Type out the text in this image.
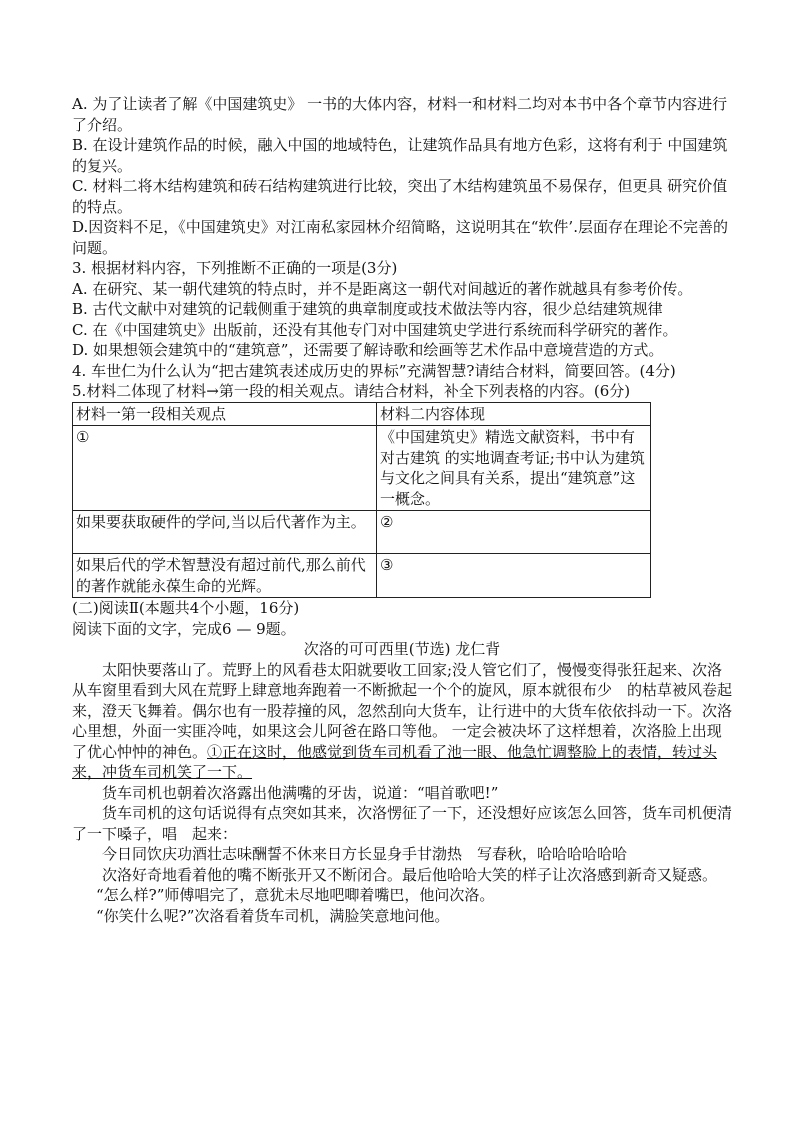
A. 为了让读者了解《中国建筑史》 一书的大体内容，材料一和材料二均对本书中各个章节内容进行了介绍。

B. 在设计建筑作品的时候，融入中国的地域特色，让建筑作品具有地方色彩，这将有利于 中国建筑的复兴。

C. 材料二将木结构建筑和砖石结构建筑进行比较，突出了木结构建筑虽不易保存，但更具 研究价值的特点。

D.因资料不足，《中国建筑史》对江南私家园林介绍简略，这说明其在“软件’.层面存在理论不完善的问题。

3. 根据材料内容，下列推断不正确的一项是(3分)

A. 在研究、某一朝代建筑的特点时，并不是距离这一朝代对间越近的著作就越具有参考价传。

B. 古代文献中对建筑的记载侧重于建筑的典章制度或技术做法等内容，很少总结建筑规律

C. 在《中国建筑史》出版前，还没有其他专门对中国建筑史学进行系统而科学研究的著作。

D. 如果想领会建筑中的“建筑意”，还需要了解诗歌和绘画等艺术作品中意境营造的方式。

4. 车世仁为什么认为“把古建筑表述成历史的界标”充满智慧?请结合材料，简要回答。(4分)

5.材料二体现了材料→第一段的相关观点。请结合材料，补全下列表格的内容。(6分)

材料一第一段相关观点	材料二内容体现
①	《中国建筑史》精选文献资料，书中有对古建筑 的实地调查考证;书中认为建筑与文化之间具有关系，提出“建筑意”这一概念。
如果要获取硬件的学问,当以后代著作为主。	②
如果后代的学术智慧没有超过前代,那么前代的著作就能永葆生命的光辉。	③

(二)阅读Ⅱ(本题共4个小题，16分)

阅读下面的文字，完成6 — 9题。

次洛的可可西里(节选) 龙仁背

太阳快要落山了。荒野上的风看巷太阳就要收工回家;没人管它们了，慢慢变得张狂起来、次洛从车窗里看到大风在荒野上肆意地奔跑着一不断掀起一个个的旋风，原本就很布少　的枯草被风卷起来，澄天飞舞着。偶尔也有一股荐撞的风，忽然刮向大货车，让行进中的大货车依依抖动一下。次洛心里想，外面一实匪冷吨，如果这会儿阿爸在路口等他。 一定会被决坏了这样想着，次洛脸上出现了优心忡忡的神色。①正在这时，他感觉到货车司机看了池一眼、他急忙调整脸上的表情，转过头来，冲货车司机笑了一下。

货车司机也朝着次洛露出他满嘴的牙齿，说道：“唱首歌吧!”

货车司机的这句话说得有点突如其来，次洛愣征了一下，还没想好应该怎么回答，货车司机便清了一下嗓子，唱　起来：

今日同饮庆功酒壮志味酬誓不休来日方长显身手甘渤热　写春秋，哈哈哈哈哈哈

次洛好奇地看着他的嘴不断张开又不断闭合。最后他哈哈大笑的样子让次洛感到新奇又疑惑。

“怎么样?”师傅唱完了，意犹未尽地吧唧着嘴巴，他问次洛。

“你笑什么呢?”次洛看着货车司机，满脸笑意地问他。
